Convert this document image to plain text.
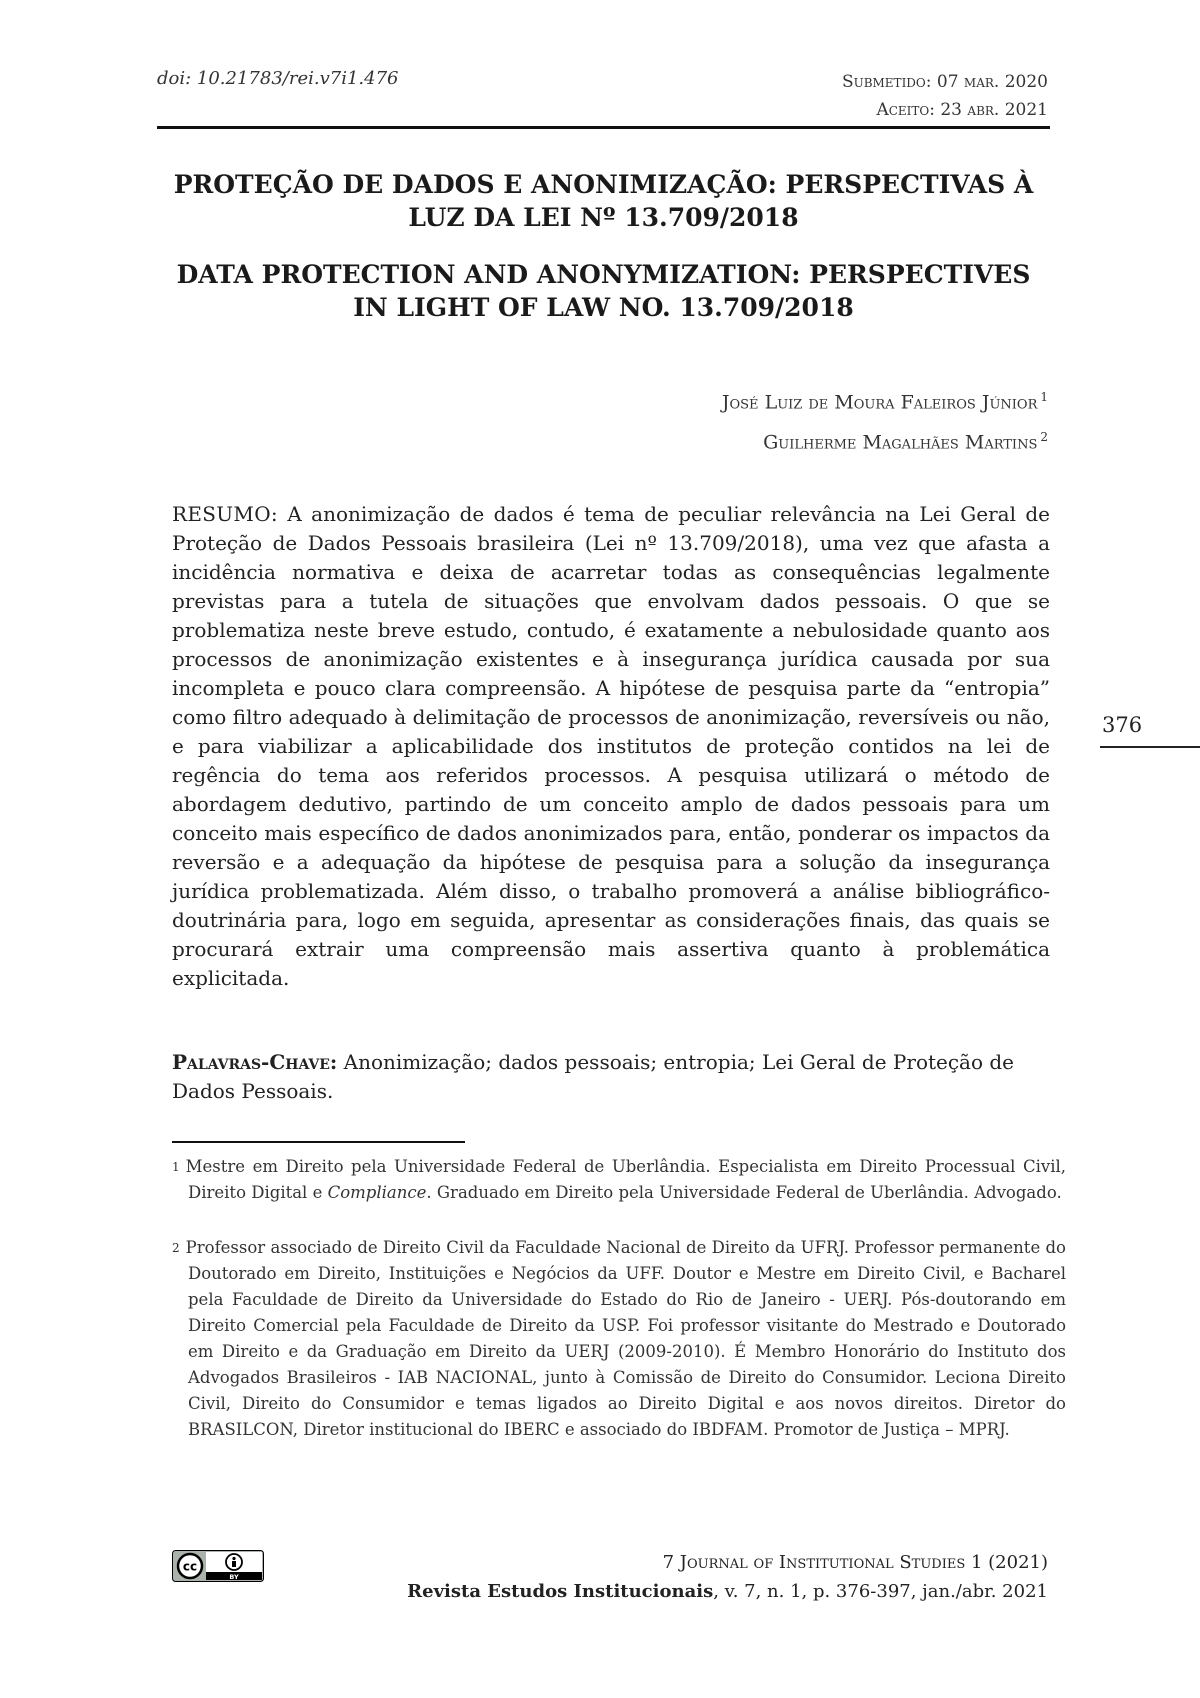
doi: 10.21783/rei.v7i1.476	Submetido: 07 mar. 2020
Aceito: 23 abr. 2021
PROTEÇÃO DE DADOS E ANONIMIZAÇÃO: PERSPECTIVAS À
LUZ DA LEI Nº 13.709/2018
DATA PROTECTION AND ANONYMIZATION: PERSPECTIVES
IN LIGHT OF LAW NO. 13.709/2018
José Luiz de Moura Faleiros Júnior $^1$
Guilherme Magalhães Martins $^2$
RESUMO: A anonimização de dados é tema de peculiar relevância na Lei Geral de Proteção de Dados Pessoais brasileira (Lei nº 13.709/2018), uma vez que afasta a incidência normativa e deixa de acarretar todas as consequências legalmente previstas para a tutela de situações que envolvam dados pessoais. O que se problematiza neste breve estudo, contudo, é exatamente a nebulosidade quanto aos processos de anonimização existentes e à insegurança jurídica causada por sua incompleta e pouco clara compreensão. A hipótese de pesquisa parte da “entropia” como filtro adequado à delimitação de processos de anonimização, reversíveis ou não, e para viabilizar a aplicabilidade dos institutos de proteção contidos na lei de regência do tema aos referidos processos. A pesquisa utilizará o método de abordagem dedutivo, partindo de um conceito amplo de dados pessoais para um conceito mais específico de dados anonimizados para, então, ponderar os impactos da reversão e a adequação da hipótese de pesquisa para a solução da insegurança jurídica problematizada. Além disso, o trabalho promoverá a análise bibliográfico-doutrinária para, logo em seguida, apresentar as considerações finais, das quais se procurará extrair uma compreensão mais assertiva quanto à problemática explicitada.
Palavras-Chave: Anonimização; dados pessoais; entropia; Lei Geral de Proteção de Dados Pessoais.
376
$^1$ Mestre em Direito pela Universidade Federal de Uberlândia. Especialista em Direito Processual Civil, Direito Digital e Compliance. Graduado em Direito pela Universidade Federal de Uberlândia. Advogado.
$^2$ Professor associado de Direito Civil da Faculdade Nacional de Direito da UFRJ. Professor permanente do Doutorado em Direito, Instituições e Negócios da UFF. Doutor e Mestre em Direito Civil, e Bacharel pela Faculdade de Direito da Universidade do Estado do Rio de Janeiro - UERJ. Pós-doutorando em Direito Comercial pela Faculdade de Direito da USP. Foi professor visitante do Mestrado e Doutorado em Direito e da Graduação em Direito da UERJ (2009-2010). É Membro Honorário do Instituto dos Advogados Brasileiros - IAB NACIONAL, junto à Comissão de Direito do Consumidor. Leciona Direito Civil, Direito do Consumidor e temas ligados ao Direito Digital e aos novos direitos. Diretor do BRASILCON, Diretor institucional do IBERC e associado do IBDFAM. Promotor de Justiça – MPRJ.
cc
BY
7 Journal of Institutional Studies 1 (2021)
Revista Estudos Institucionais, v. 7, n. 1, p. 376-397, jan./abr. 2021
